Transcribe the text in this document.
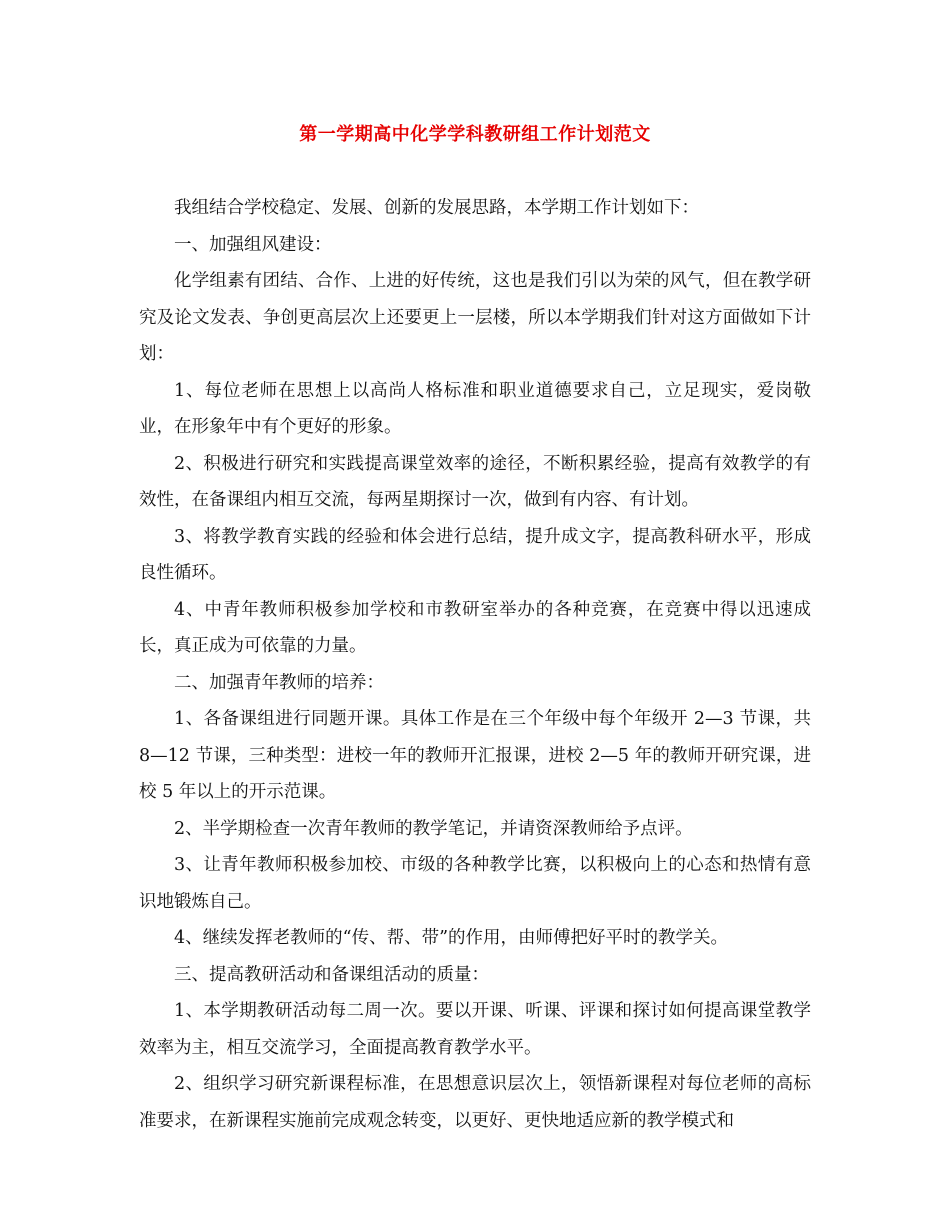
第一学期高中化学学科教研组工作计划范文

我组结合学校稳定、发展、创新的发展思路，本学期工作计划如下：

一、加强组风建设：

化学组素有团结、合作、上进的好传统，这也是我们引以为荣的风气，但在教学研究及论文发表、争创更高层次上还要更上一层楼，所以本学期我们针对这方面做如下计划：

1、每位老师在思想上以高尚人格标准和职业道德要求自己，立足现实，爱岗敬业，在形象年中有个更好的形象。

2、积极进行研究和实践提高课堂效率的途径，不断积累经验，提高有效教学的有效性，在备课组内相互交流，每两星期探讨一次，做到有内容、有计划。

3、将教学教育实践的经验和体会进行总结，提升成文字，提高教科研水平，形成良性循环。

4、中青年教师积极参加学校和市教研室举办的各种竞赛，在竞赛中得以迅速成长，真正成为可依靠的力量。

二、加强青年教师的培养：

1、各备课组进行同题开课。具体工作是在三个年级中每个年级开 2—3 节课，共 8—12 节课，三种类型：进校一年的教师开汇报课，进校 2—5 年的教师开研究课，进校 5 年以上的开示范课。

2、半学期检查一次青年教师的教学笔记，并请资深教师给予点评。

3、让青年教师积极参加校、市级的各种教学比赛，以积极向上的心态和热情有意识地锻炼自己。

4、继续发挥老教师的“传、帮、带”的作用，由师傅把好平时的教学关。

三、提高教研活动和备课组活动的质量：

1、本学期教研活动每二周一次。要以开课、听课、评课和探讨如何提高课堂教学效率为主，相互交流学习，全面提高教育教学水平。

2、组织学习研究新课程标准，在思想意识层次上，领悟新课程对每位老师的高标准要求，在新课程实施前完成观念转变，以更好、更快地适应新的教学模式和
